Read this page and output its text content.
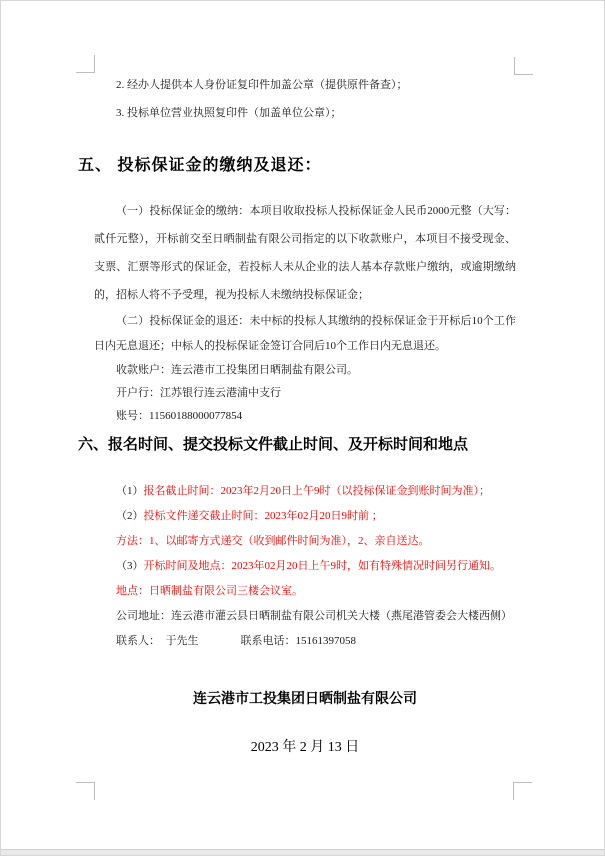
2. 经办人提供本人身份证复印件加盖公章（提供原件备查）；

3. 投标单位营业执照复印件（加盖单位公章）；

五、 投标保证金的缴纳及退还：

（一）投标保证金的缴纳：本项目收取投标人投标保证金人民币2000元整（大写：贰仟元整），开标前交至日晒制盐有限公司指定的以下收款账户，本项目不接受现金、支票、汇票等形式的保证金，若投标人未从企业的法人基本存款账户缴纳，或逾期缴纳的，招标人将不予受理，视为投标人未缴纳投标保证金；

（二）投标保证金的退还：未中标的投标人其缴纳的投标保证金于开标后10个工作日内无息退还；中标人的投标保证金签订合同后10个工作日内无息退还。

收款账户：连云港市工投集团日晒制盐有限公司。

开户行：江苏银行连云港浦中支行

账号：11560188000077854

六、报名时间、提交投标文件截止时间、及开标时间和地点

（1）报名截止时间：2023年2月20日上午9时（以投标保证金到账时间为准）；

（2）投标文件递交截止时间：2023年02月20日9时前 ；

方法：1、以邮寄方式递交（收到邮件时间为准），2、亲自送达。

（3）开标时间及地点：2023年02月20日上午9时，如有特殊情况时间另行通知。

地点：日晒制盐有限公司三楼会议室。

公司地址：连云港市灌云县日晒制盐有限公司机关大楼（燕尾港管委会大楼西侧）

联系人：  于先生	联系电话：15161397058

连云港市工投集团日晒制盐有限公司

2023 年 2 月 13 日
